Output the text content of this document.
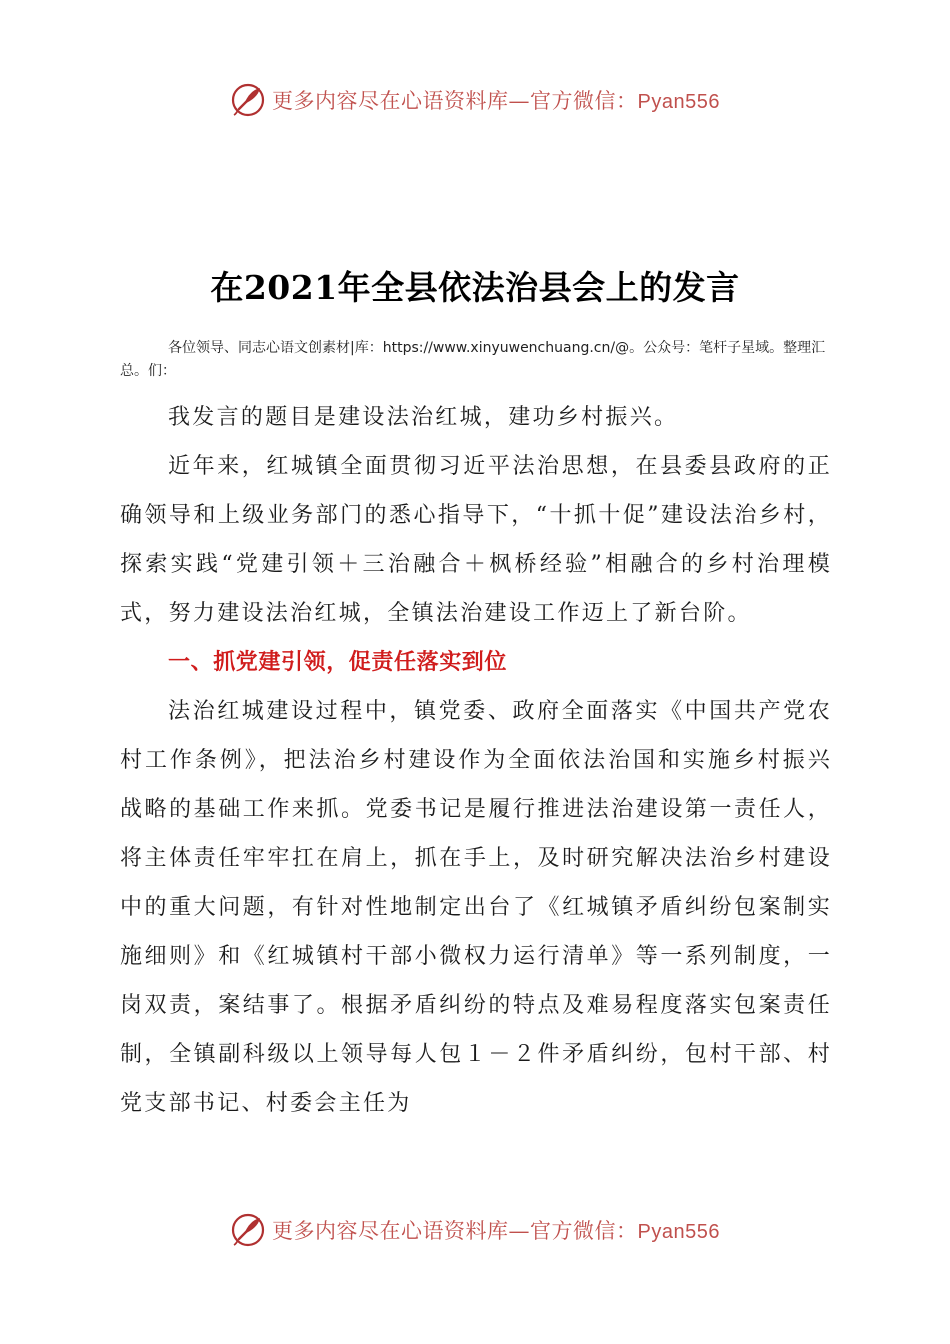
更多内容尽在心语资料库—官方微信：Pyan556
在2021年全县依法治县会上的发言

各位领导、同志心语文创素材|库：https://www.xinyuwenchuang.cn/@。公众号：笔杆子星域。整理汇总。们：

我发言的题目是建设法治红城，建功乡村振兴。

近年来，红城镇全面贯彻习近平法治思想，在县委县政府的正确领导和上级业务部门的悉心指导下，“十抓十促”建设法治乡村，探索实践“党建引领＋三治融合＋枫桥经验”相融合的乡村治理模式，努力建设法治红城，全镇法治建设工作迈上了新台阶。

一、抓党建引领，促责任落实到位

法治红城建设过程中，镇党委、政府全面落实《中国共产党农村工作条例》，把法治乡村建设作为全面依法治国和实施乡村振兴战略的基础工作来抓。党委书记是履行推进法治建设第一责任人，将主体责任牢牢扛在肩上，抓在手上，及时研究解决法治乡村建设中的重大问题，有针对性地制定出台了《红城镇矛盾纠纷包案制实施细则》和《红城镇村干部小微权力运行清单》等一系列制度，一岗双责，案结事了。根据矛盾纠纷的特点及难易程度落实包案责任制，全镇副科级以上领导每人包１－２件矛盾纠纷，包村干部、村党支部书记、村委会主任为

更多内容尽在心语资料库—官方微信：Pyan556
